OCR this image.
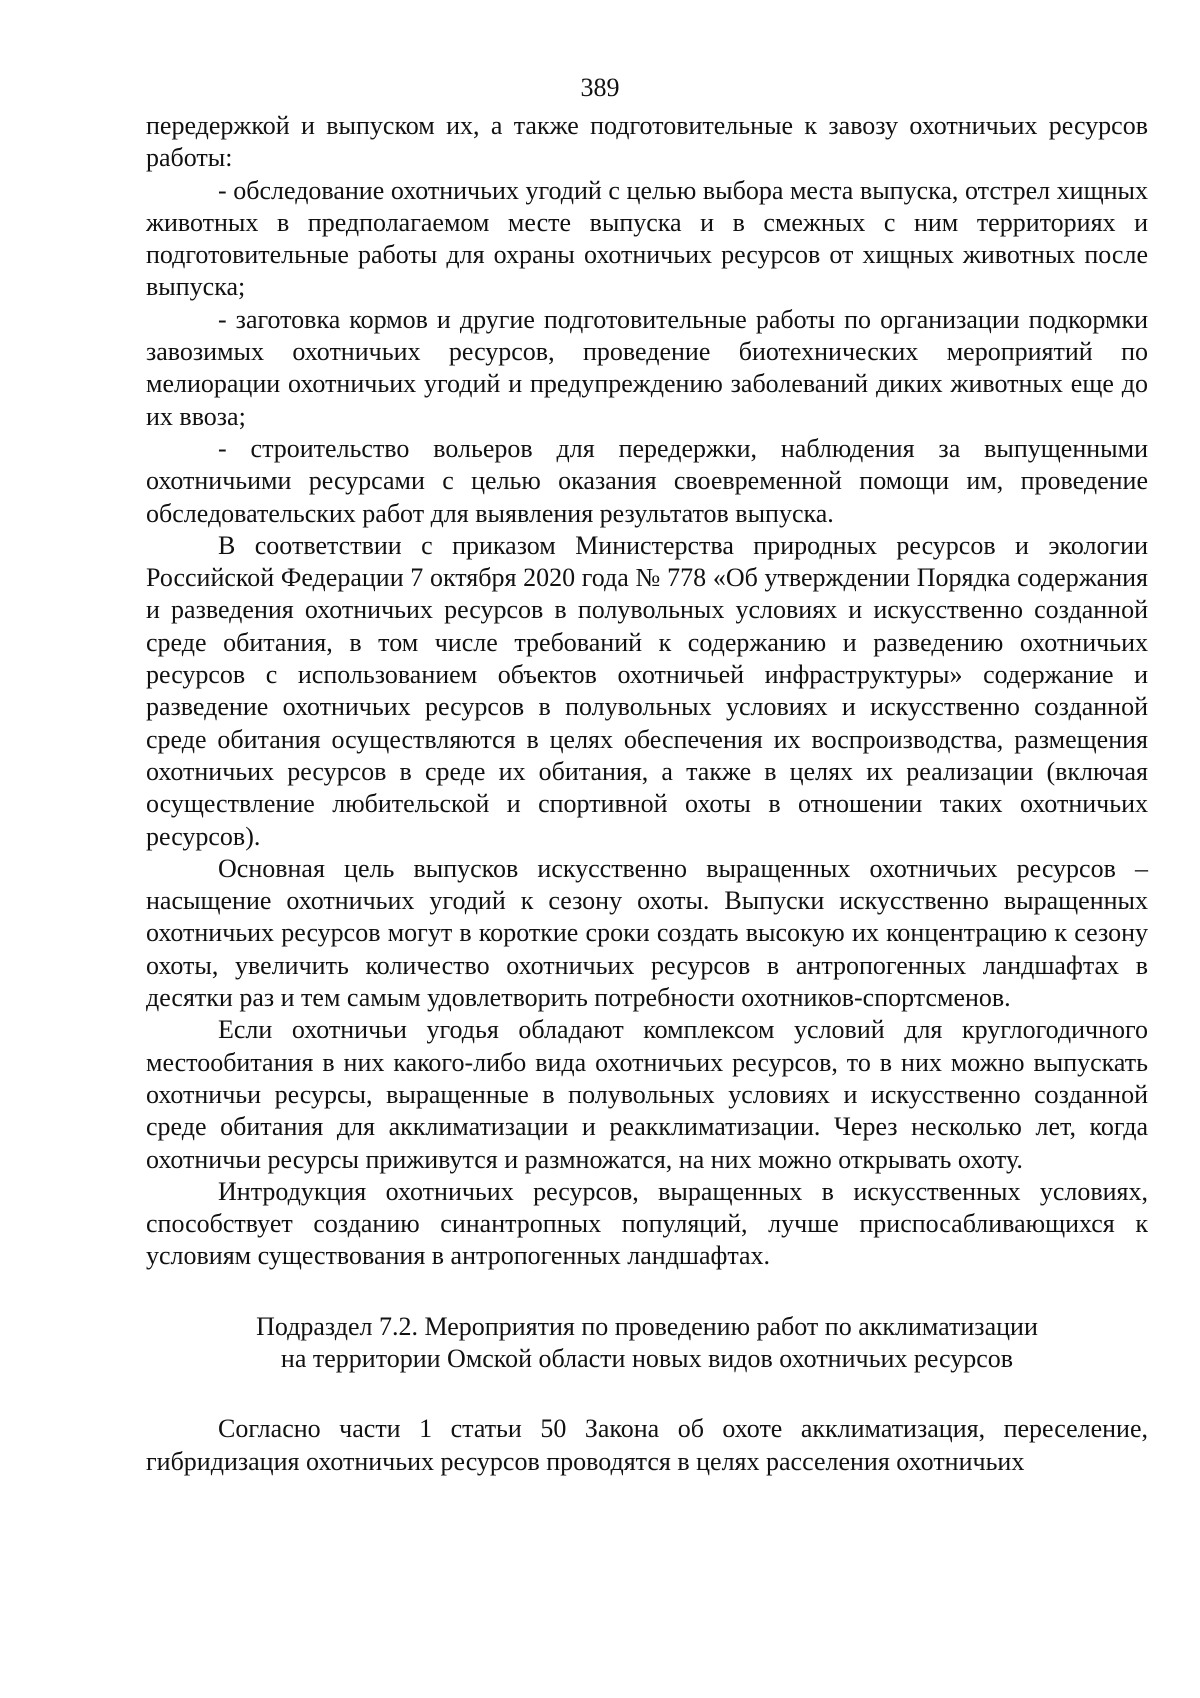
389

передержкой и выпуском их, а также подготовительные к завозу охотничьих ресурсов работы:

- обследование охотничьих угодий с целью выбора места выпуска, отстрел хищных животных в предполагаемом месте выпуска и в смежных с ним территориях и подготовительные работы для охраны охотничьих ресурсов от хищных животных после выпуска;

- заготовка кормов и другие подготовительные работы по организации подкормки завозимых охотничьих ресурсов, проведение биотехнических мероприятий по мелиорации охотничьих угодий и предупреждению заболеваний диких животных еще до их ввоза;

- строительство вольеров для передержки, наблюдения за выпущенными охотничьими ресурсами с целью оказания своевременной помощи им, проведение обследовательских работ для выявления результатов выпуска.

В соответствии с приказом Министерства природных ресурсов и экологии Российской Федерации 7 октября 2020 года № 778 «Об утверждении Порядка содержания и разведения охотничьих ресурсов в полувольных условиях и искусственно созданной среде обитания, в том числе требований к содержанию и разведению охотничьих ресурсов с использованием объектов охотничьей инфраструктуры» содержание и разведение охотничьих ресурсов в полувольных условиях и искусственно созданной среде обитания осуществляются в целях обеспечения их воспроизводства, размещения охотничьих ресурсов в среде их обитания, а также в целях их реализации (включая осуществление любительской и спортивной охоты в отношении таких охотничьих ресурсов).

Основная цель выпусков искусственно выращенных охотничьих ресурсов – насыщение охотничьих угодий к сезону охоты. Выпуски искусственно выращенных охотничьих ресурсов могут в короткие сроки создать высокую их концентрацию к сезону охоты, увеличить количество охотничьих ресурсов в антропогенных ландшафтах в десятки раз и тем самым удовлетворить потребности охотников-спортсменов.

Если охотничьи угодья обладают комплексом условий для круглогодичного местообитания в них какого-либо вида охотничьих ресурсов, то в них можно выпускать охотничьи ресурсы, выращенные в полувольных условиях и искусственно созданной среде обитания для акклиматизации и реакклиматизации. Через несколько лет, когда охотничьи ресурсы приживутся и размножатся, на них можно открывать охоту.

Интродукция охотничьих ресурсов, выращенных в искусственных условиях, способствует созданию синантропных популяций, лучше приспосабливающихся к условиям существования в антропогенных ландшафтах.

Подраздел 7.2. Мероприятия по проведению работ по акклиматизации
на территории Омской области новых видов охотничьих ресурсов

Согласно части 1 статьи 50 Закона об охоте акклиматизация, переселение, гибридизация охотничьих ресурсов проводятся в целях расселения охотничьих
